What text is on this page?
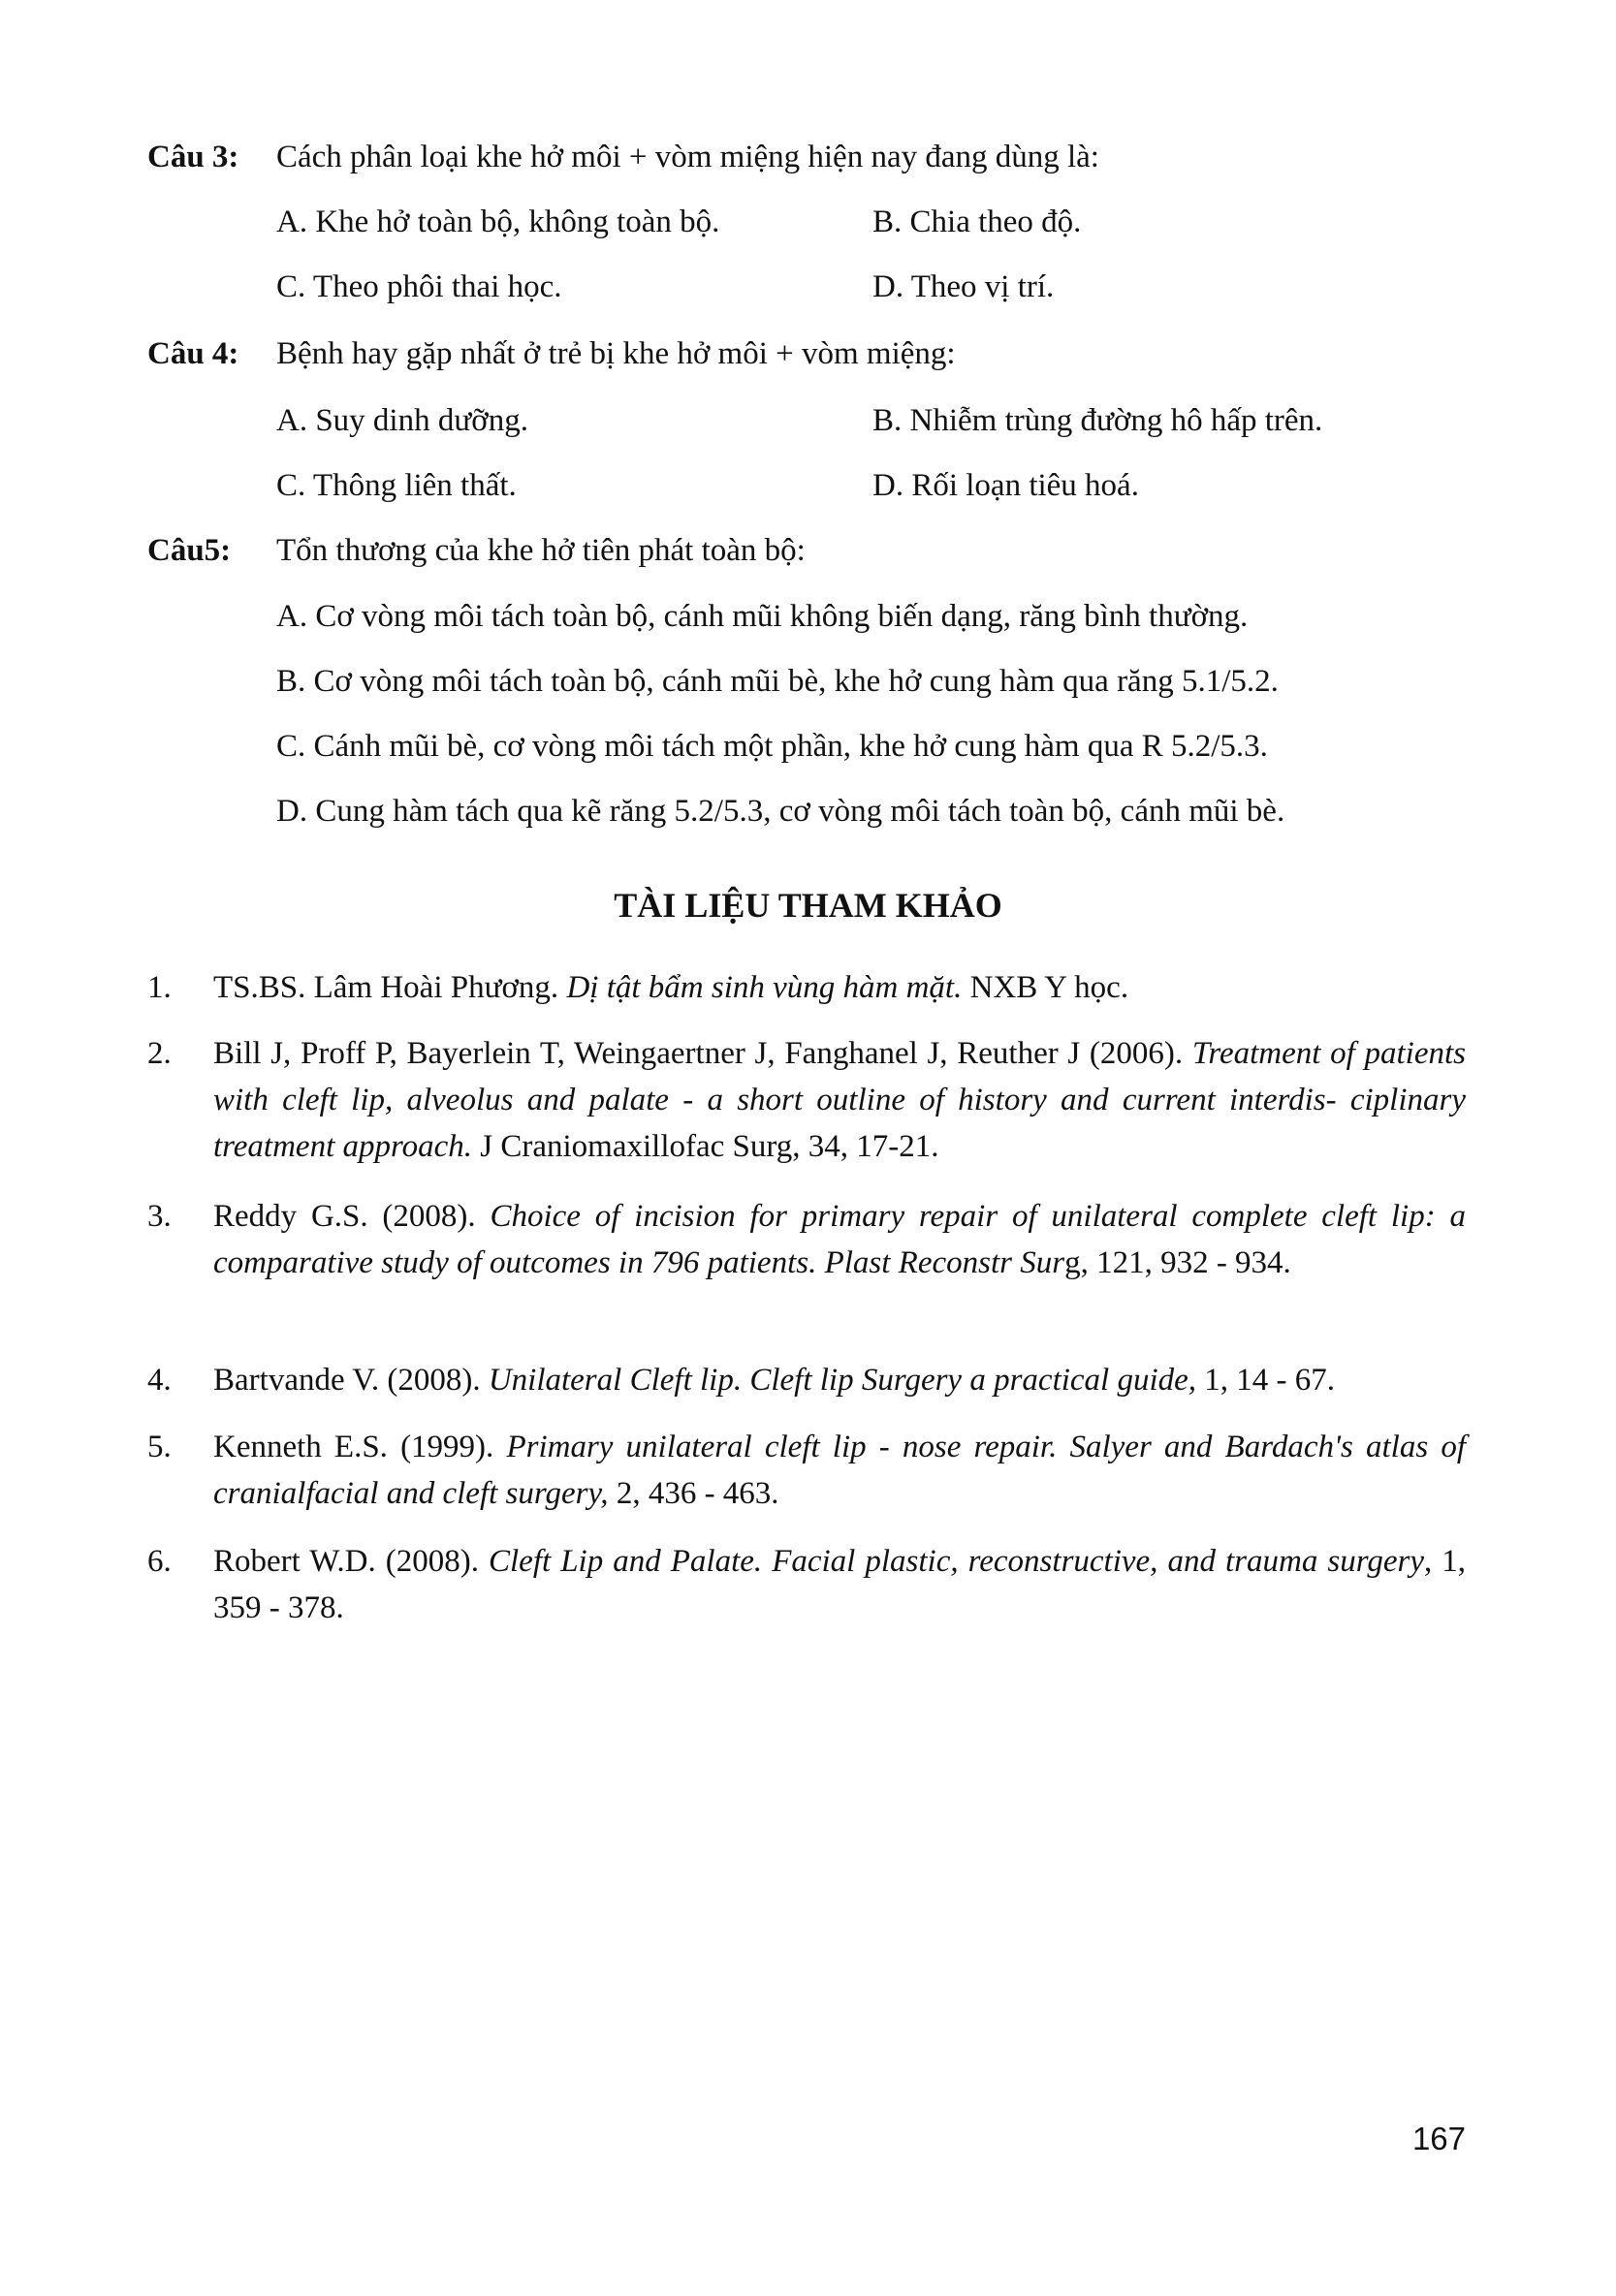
Câu 3: Cách phân loại khe hở môi + vòm miệng hiện nay đang dùng là:
A. Khe hở toàn bộ, không toàn bộ.	B. Chia theo độ.
C. Theo phôi thai học.	D. Theo vị trí.
Câu 4: Bệnh hay gặp nhất ở trẻ bị khe hở môi + vòm miệng:
A. Suy dinh dưỡng.	B. Nhiễm trùng đường hô hấp trên.
C. Thông liên thất.	D. Rối loạn tiêu hoá.
Câu5: Tổn thương của khe hở tiên phát toàn bộ:
A. Cơ vòng môi tách toàn bộ, cánh mũi không biến dạng, răng bình thường.
B. Cơ vòng môi tách toàn bộ, cánh mũi bè, khe hở cung hàm qua răng 5.1/5.2.
C. Cánh mũi bè, cơ vòng môi tách một phần, khe hở cung hàm qua R 5.2/5.3.
D. Cung hàm tách qua kẽ răng 5.2/5.3, cơ vòng môi tách toàn bộ, cánh mũi bè.
TÀI LIỆU THAM KHẢO
1. TS.BS. Lâm Hoài Phương. Dị tật bẩm sinh vùng hàm mặt. NXB Y học.
2. Bill J, Proff P, Bayerlein T, Weingaertner J, Fanghanel J, Reuther J (2006). Treatment of patients with cleft lip, alveolus and palate - a short outline of history and current interdis- ciplinary treatment approach. J Craniomaxillofac Surg, 34, 17-21.
3. Reddy G.S. (2008). Choice of incision for primary repair of unilateral complete cleft lip: a comparative study of outcomes in 796 patients. Plast Reconstr Surg, 121, 932 - 934.
4. Bartvande V. (2008). Unilateral Cleft lip. Cleft lip Surgery a practical guide, 1, 14 - 67.
5. Kenneth E.S. (1999). Primary unilateral cleft lip - nose repair. Salyer and Bardach's atlas of cranialfacial and cleft surgery, 2, 436 - 463.
6. Robert W.D. (2008). Cleft Lip and Palate. Facial plastic, reconstructive, and trauma surgery, 1, 359 - 378.
167
